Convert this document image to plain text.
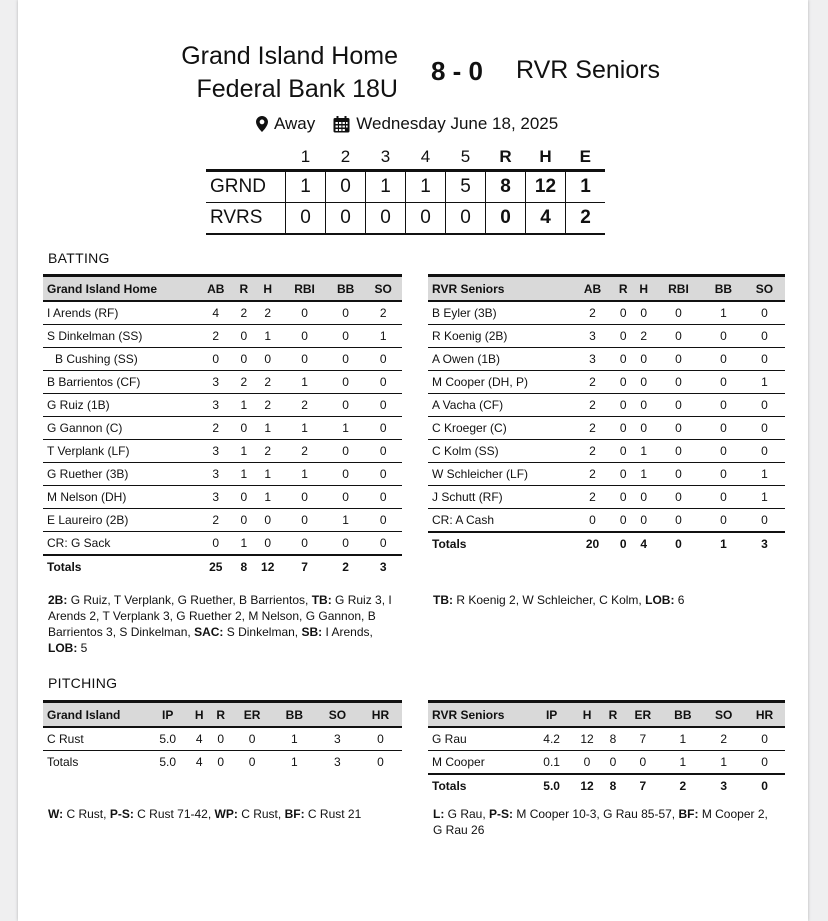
Grand Island Home
Federal Bank 18U
8 - 0	RVR Seniors
Away Wednesday June 18, 2025
	1	2	3	4	5	R	H	E
GRND	1	0	1	1	5	8	12	1
RVRS	0	0	0	0	0	0	4	2
BATTING
Grand Island Home	AB	R	H	RBI	BB	SO
I Arends (RF)	4	2	2	0	0	2
S Dinkelman (SS)	2	0	1	0	0	1
B Cushing (SS)	0	0	0	0	0	0
B Barrientos (CF)	3	2	2	1	0	0
G Ruiz (1B)	3	1	2	2	0	0
G Gannon (C)	2	0	1	1	1	0
T Verplank (LF)	3	1	2	2	0	0
G Ruether (3B)	3	1	1	1	0	0
M Nelson (DH)	3	0	1	0	0	0
E Laureiro (2B)	2	0	0	0	1	0
CR: G Sack	0	1	0	0	0	0
Totals	25	8	12	7	2	3
RVR Seniors	AB	R	H	RBI	BB	SO
B Eyler (3B)	2	0	0	0	1	0
R Koenig (2B)	3	0	2	0	0	0
A Owen (1B)	3	0	0	0	0	0
M Cooper (DH, P)	2	0	0	0	0	1
A Vacha (CF)	2	0	0	0	0	0
C Kroeger (C)	2	0	0	0	0	0
C Kolm (SS)	2	0	1	0	0	0
W Schleicher (LF)	2	0	1	0	0	1
J Schutt (RF)	2	0	0	0	0	1
CR: A Cash	0	0	0	0	0	0
Totals	20	0	4	0	1	3
2B: G Ruiz, T Verplank, G Ruether, B Barrientos, TB: G Ruiz 3, I Arends 2, T Verplank 3, G Ruether 2, M Nelson, G Gannon, B Barrientos 3, S Dinkelman, SAC: S Dinkelman, SB: I Arends, LOB: 5
TB: R Koenig 2, W Schleicher, C Kolm, LOB: 6
PITCHING
Grand Island	IP	H	R	ER	BB	SO	HR
C Rust	5.0	4	0	0	1	3	0
Totals	5.0	4	0	0	1	3	0
RVR Seniors	IP	H	R	ER	BB	SO	HR
G Rau	4.2	12	8	7	1	2	0
M Cooper	0.1	0	0	0	1	1	0
Totals	5.0	12	8	7	2	3	0
W: C Rust, P-S: C Rust 71-42, WP: C Rust, BF: C Rust 21	L: G Rau, P-S: M Cooper 10-3, G Rau 85-57, BF: M Cooper 2, G Rau 26
